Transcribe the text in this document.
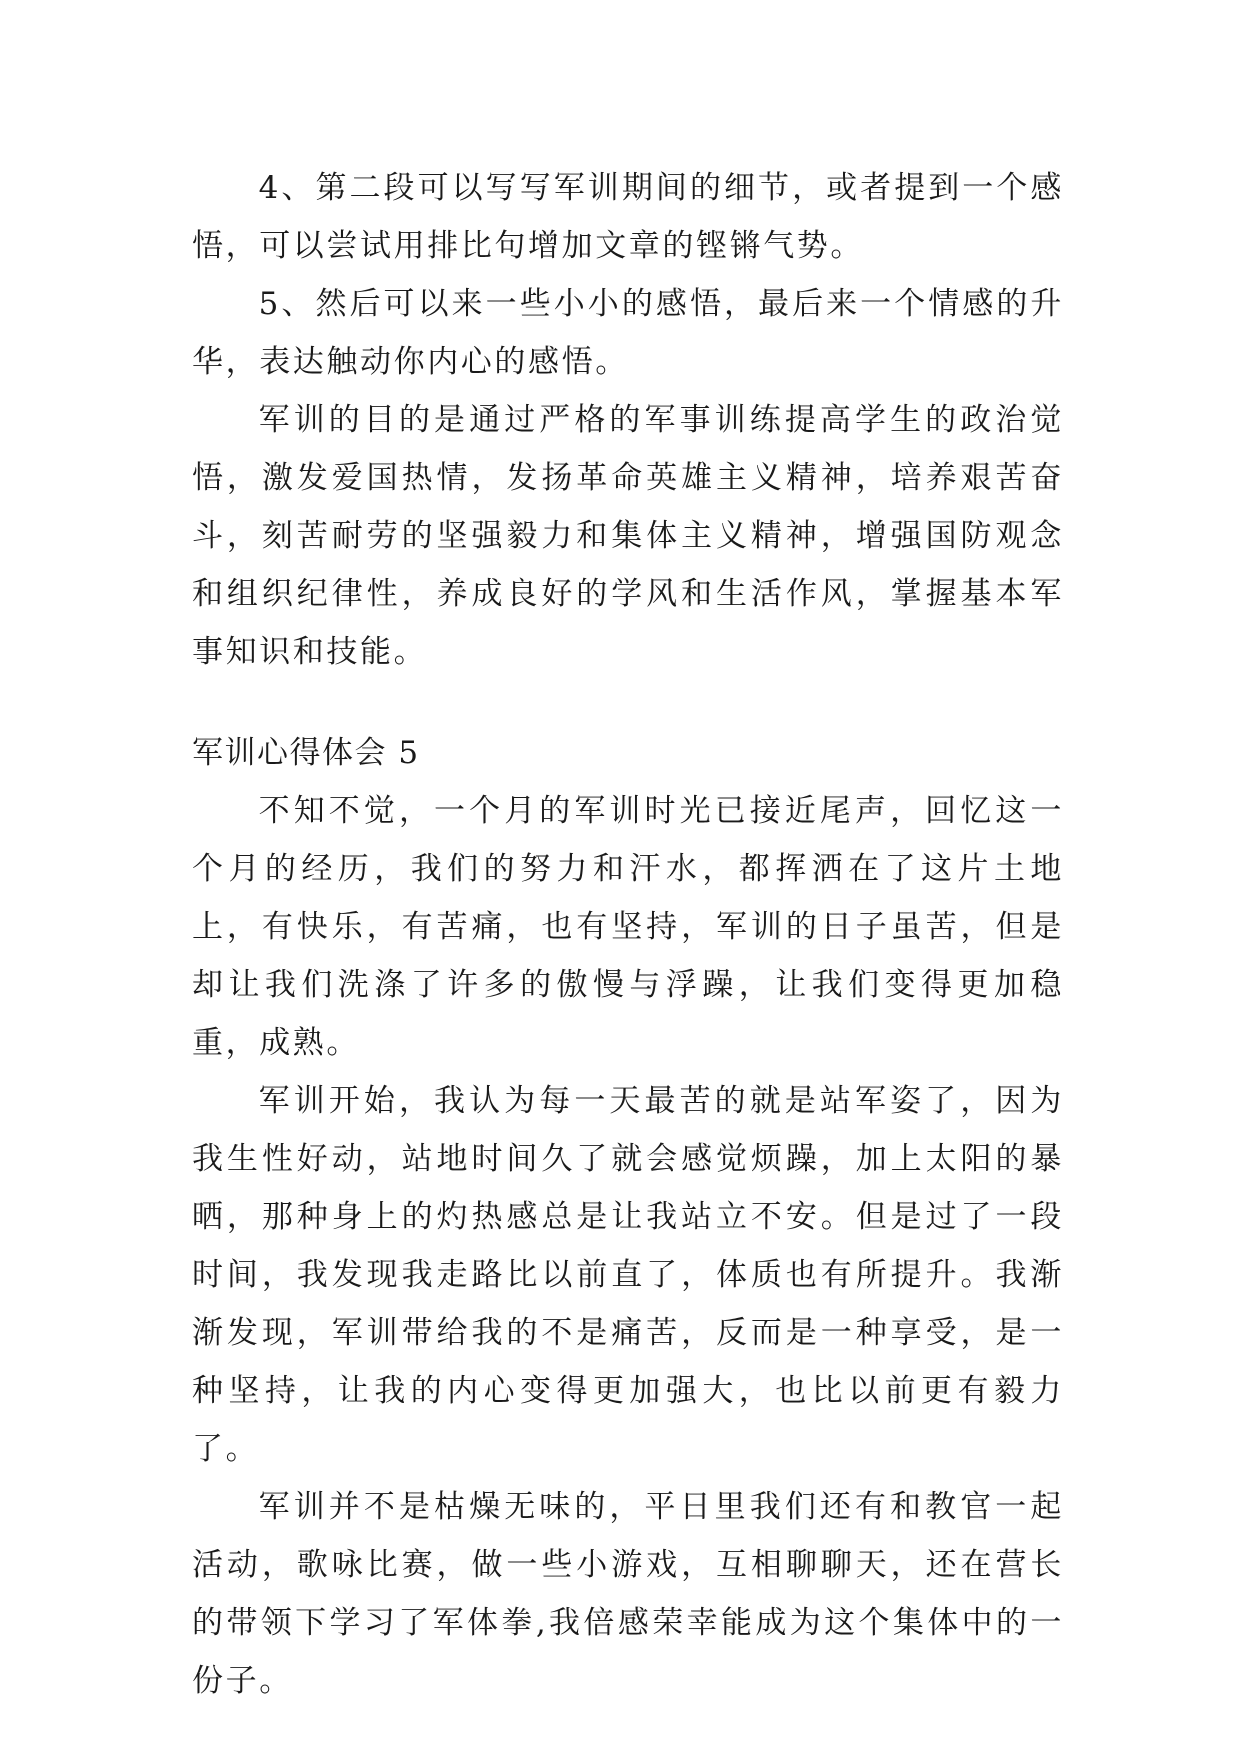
4、第二段可以写写军训期间的细节，或者提到一个感悟，可以尝试用排比句增加文章的铿锵气势。

5、然后可以来一些小小的感悟，最后来一个情感的升华，表达触动你内心的感悟。

军训的目的是通过严格的军事训练提高学生的政治觉悟，激发爱国热情，发扬革命英雄主义精神，培养艰苦奋斗，刻苦耐劳的坚强毅力和集体主义精神，增强国防观念和组织纪律性，养成良好的学风和生活作风，掌握基本军事知识和技能。

军训心得体会 5

不知不觉，一个月的军训时光已接近尾声，回忆这一个月的经历，我们的努力和汗水，都挥洒在了这片土地上，有快乐，有苦痛，也有坚持，军训的日子虽苦，但是却让我们洗涤了许多的傲慢与浮躁，让我们变得更加稳重，成熟。

军训开始，我认为每一天最苦的就是站军姿了，因为我生性好动，站地时间久了就会感觉烦躁，加上太阳的暴晒，那种身上的灼热感总是让我站立不安。但是过了一段时间，我发现我走路比以前直了，体质也有所提升。我渐渐发现，军训带给我的不是痛苦，反而是一种享受，是一种坚持，让我的内心变得更加强大，也比以前更有毅力了。

军训并不是枯燥无味的，平日里我们还有和教官一起活动，歌咏比赛，做一些小游戏，互相聊聊天，还在营长的带领下学习了军体拳,我倍感荣幸能成为这个集体中的一份子。
